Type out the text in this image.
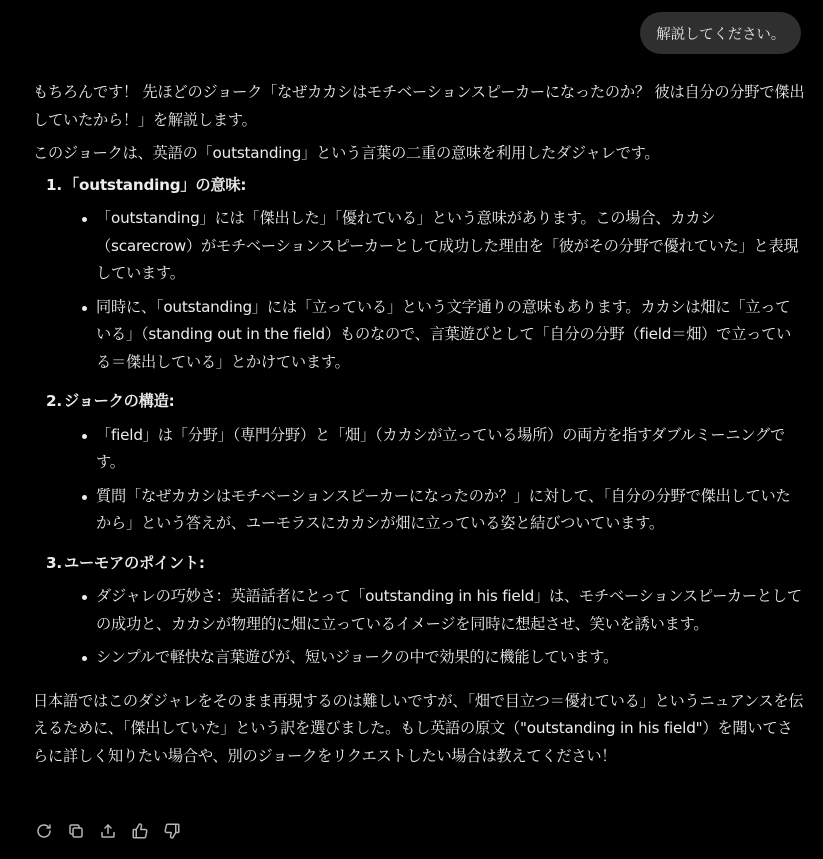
解説してください。

もちろんです！ 先ほどのジョーク「なぜカカシはモチベーションスピーカーになったのか？ 彼は自分の分野で傑出していたから！」を解説します。

このジョークは、英語の「outstanding」という言葉の二重の意味を利用したダジャレです。

1. 「outstanding」の意味:
「outstanding」には「傑出した」「優れている」という意味があります。この場合、カカシ（scarecrow）がモチベーションスピーカーとして成功した理由を「彼がその分野で優れていた」と表現しています。
同時に、「outstanding」には「立っている」という文字通りの意味もあります。カカシは畑に「立っている」（standing out in the field）ものなので、言葉遊びとして「自分の分野（field＝畑）で立っている＝傑出している」とかけています。
2. ジョークの構造:
「field」は「分野」（専門分野）と「畑」（カカシが立っている場所）の両方を指すダブルミーニングです。
質問「なぜカカシはモチベーションスピーカーになったのか？」に対して、「自分の分野で傑出していたから」という答えが、ユーモラスにカカシが畑に立っている姿と結びついています。
3. ユーモアのポイント:
ダジャレの巧妙さ：英語話者にとって「outstanding in his field」は、モチベーションスピーカーとしての成功と、カカシが物理的に畑に立っているイメージを同時に想起させ、笑いを誘います。
シンプルで軽快な言葉遊びが、短いジョークの中で効果的に機能しています。

日本語ではこのダジャレをそのまま再現するのは難しいですが、「畑で目立つ＝優れている」というニュアンスを伝えるために、「傑出していた」という訳を選びました。もし英語の原文（"outstanding in his field"）を聞いてさらに詳しく知りたい場合や、別のジョークをリクエストしたい場合は教えてください！
